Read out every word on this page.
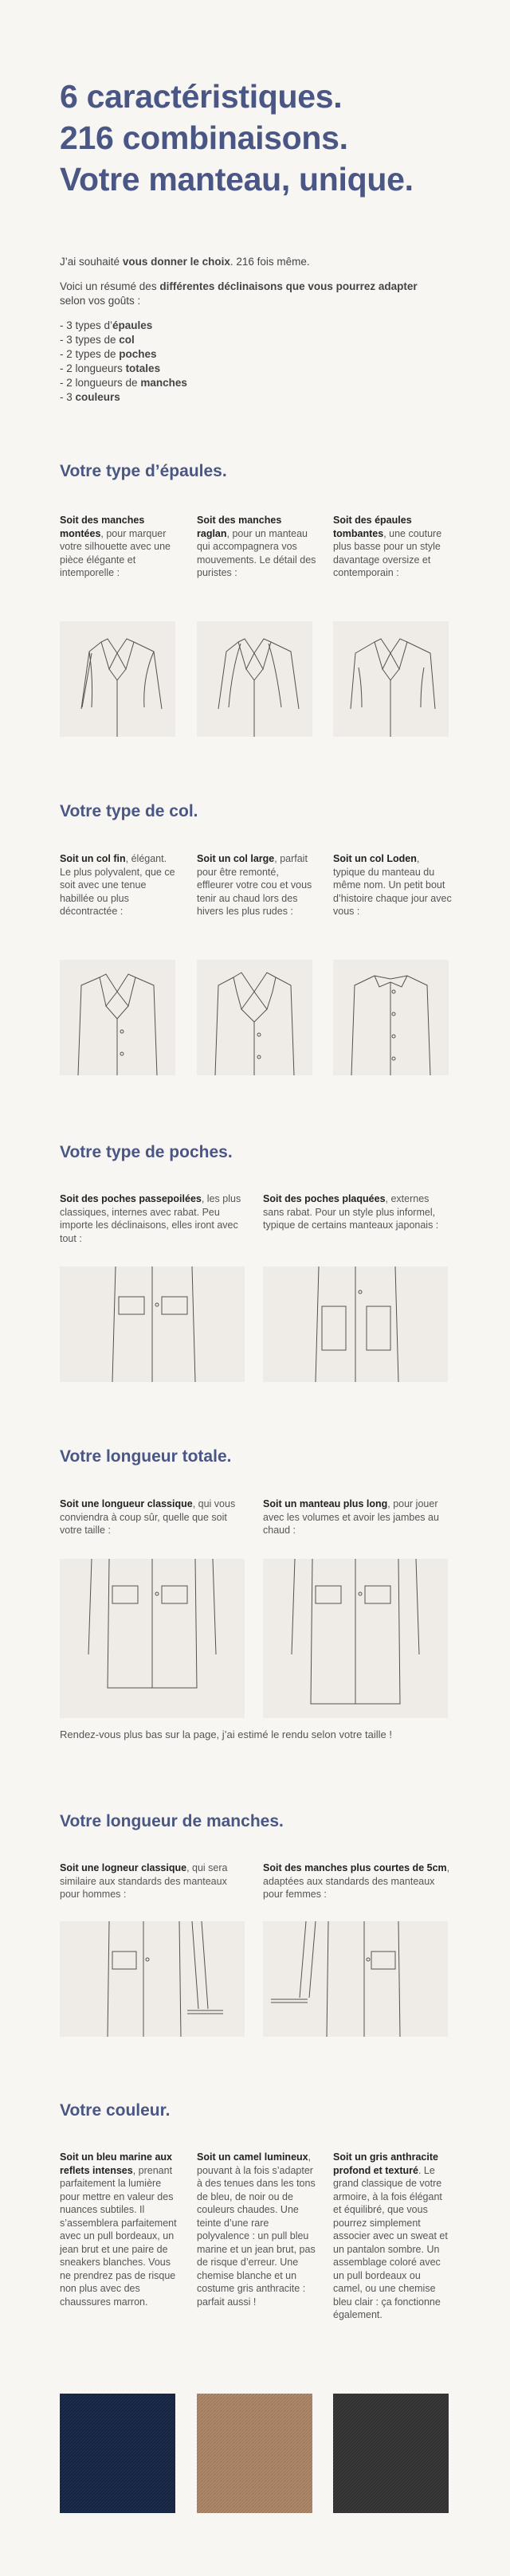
6 caractéristiques.
216 combinaisons.
Votre manteau, unique.

J’ai souhaité vous donner le choix. 216 fois même.

Voici un résumé des différentes déclinaisons que vous pourrez adapter selon vos goûts :

- 3 types d’épaules
- 3 types de col
- 2 types de poches
- 2 longueurs totales
- 2 longueurs de manches
- 3 couleurs
Votre type d’épaules.
Soit des manches montées, pour marquer votre silhouette avec une pièce élégante et intemporelle :
Soit des manches raglan, pour un manteau qui accompagnera vos mouvements. Le détail des puristes :
Soit des épaules tombantes, une couture plus basse pour un style davantage oversize et contemporain :
Votre type de col.
Soit un col fin, élégant. Le plus polyvalent, que ce soit avec une tenue habillée ou plus décontractée :
Soit un col large, parfait pour être remonté, effleurer votre cou et vous tenir au chaud lors des hivers les plus rudes :
Soit un col Loden, typique du manteau du même nom. Un petit bout d’histoire chaque jour avec vous :
Votre type de poches.
Soit des poches passepoilées, les plus classiques, internes avec rabat. Peu importe les déclinaisons, elles iront avec tout :
Soit des poches plaquées, externes sans rabat. Pour un style plus informel, typique de certains manteaux japonais :
Votre longueur totale.
Soit une longueur classique, qui vous conviendra à coup sûr, quelle que soit votre taille :
Soit un manteau plus long, pour jouer avec les volumes et avoir les jambes au chaud :
Rendez-vous plus bas sur la page, j’ai estimé le rendu selon votre taille !
Votre longueur de manches.
Soit une logneur classique, qui sera similaire aux standards des manteaux pour hommes :
Soit des manches plus courtes de 5cm, adaptées aux standards des manteaux pour femmes :
Votre couleur.
Soit un bleu marine aux reflets intenses, prenant parfaitement la lumière pour mettre en valeur des nuances subtiles. Il s’assemblera parfaitement avec un pull bordeaux, un jean brut et une paire de sneakers blanches. Vous ne prendrez pas de risque non plus avec des chaussures marron.
Soit un camel lumineux, pouvant à la fois s’adapter à des tenues dans les tons de bleu, de noir ou de couleurs chaudes. Une teinte d’une rare polyvalence : un pull bleu marine et un jean brut, pas de risque d’erreur. Une chemise blanche et un costume gris anthracite : parfait aussi !
Soit un gris anthracite profond et texturé. Le grand classique de votre armoire, à la fois élégant et équilibré, que vous pourrez simplement associer avec un sweat et un pantalon sombre. Un assemblage coloré avec un pull bordeaux ou camel, ou une chemise bleu clair : ça fonctionne également.
